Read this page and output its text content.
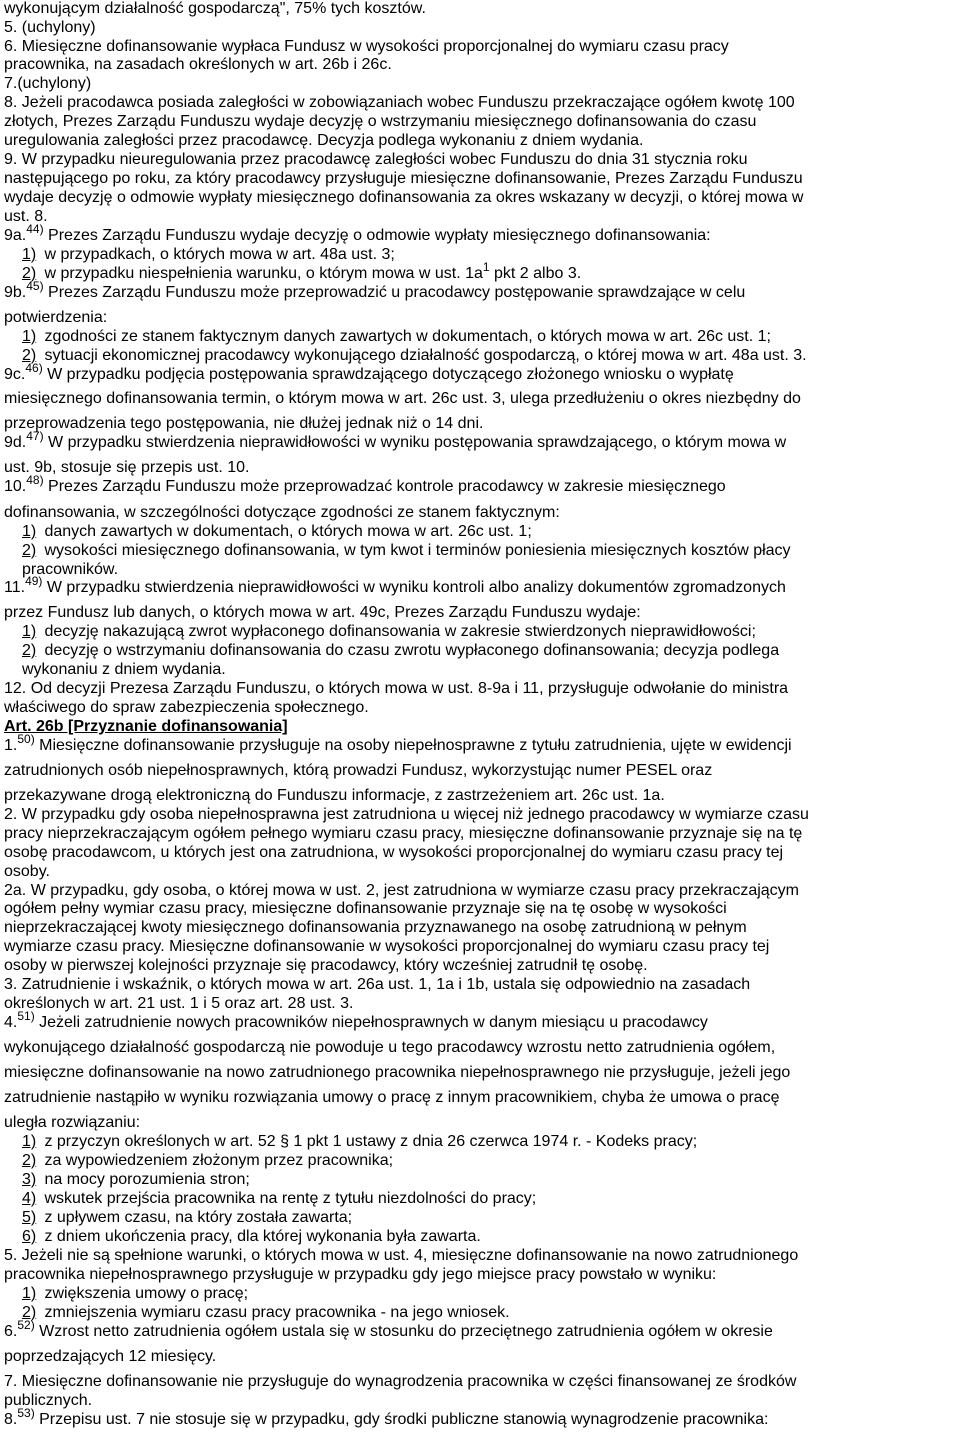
wykonującym działalność gospodarczą", 75% tych kosztów.
5. (uchylony)
6. Miesięczne dofinansowanie wypłaca Fundusz w wysokości proporcjonalnej do wymiaru czasu pracy
pracownika, na zasadach określonych w art. 26b i 26c.
7.(uchylony)
8. Jeżeli pracodawca posiada zaległości w zobowiązaniach wobec Funduszu przekraczające ogółem kwotę 100
złotych, Prezes Zarządu Funduszu wydaje decyzję o wstrzymaniu miesięcznego dofinansowania do czasu
uregulowania zaległości przez pracodawcę. Decyzja podlega wykonaniu z dniem wydania.
9. W przypadku nieuregulowania przez pracodawcę zaległości wobec Funduszu do dnia 31 stycznia roku
następującego po roku, za który pracodawcy przysługuje miesięczne dofinansowanie, Prezes Zarządu Funduszu
wydaje decyzję o odmowie wypłaty miesięcznego dofinansowania za okres wskazany w decyzji, o której mowa w
ust. 8.
9a.$^{44)}$ Prezes Zarządu Funduszu wydaje decyzję o odmowie wypłaty miesięcznego dofinansowania:
1) w przypadkach, o których mowa w art. 48a ust. 3;
2) w przypadku niespełnienia warunku, o którym mowa w ust. $1a^1$ pkt 2 albo 3.
9b.$^{45)}$ Prezes Zarządu Funduszu może przeprowadzić u pracodawcy postępowanie sprawdzające w celu
potwierdzenia:
1) zgodności ze stanem faktycznym danych zawartych w dokumentach, o których mowa w art. 26c ust. 1;
2) sytuacji ekonomicznej pracodawcy wykonującego działalność gospodarczą, o której mowa w art. 48a ust. 3.
9c.$^{46)}$ W przypadku podjęcia postępowania sprawdzającego dotyczącego złożonego wniosku o wypłatę
miesięcznego dofinansowania termin, o którym mowa w art. 26c ust. 3, ulega przedłużeniu o okres niezbędny do
przeprowadzenia tego postępowania, nie dłużej jednak niż o 14 dni.
9d.$^{47)}$ W przypadku stwierdzenia nieprawidłowości w wyniku postępowania sprawdzającego, o którym mowa w
ust. 9b, stosuje się przepis ust. 10.
10.$^{48)}$ Prezes Zarządu Funduszu może przeprowadzać kontrole pracodawcy w zakresie miesięcznego
dofinansowania, w szczególności dotyczące zgodności ze stanem faktycznym:
1) danych zawartych w dokumentach, o których mowa w art. 26c ust. 1;
2) wysokości miesięcznego dofinansowania, w tym kwot i terminów poniesienia miesięcznych kosztów płacy
pracowników.
11.$^{49)}$ W przypadku stwierdzenia nieprawidłowości w wyniku kontroli albo analizy dokumentów zgromadzonych
przez Fundusz lub danych, o których mowa w art. 49c, Prezes Zarządu Funduszu wydaje:
1) decyzję nakazującą zwrot wypłaconego dofinansowania w zakresie stwierdzonych nieprawidłowości;
2) decyzję o wstrzymaniu dofinansowania do czasu zwrotu wypłaconego dofinansowania; decyzja podlega
wykonaniu z dniem wydania.
12. Od decyzji Prezesa Zarządu Funduszu, o których mowa w ust. 8-9a i 11, przysługuje odwołanie do ministra
właściwego do spraw zabezpieczenia społecznego.
Art. 26b [Przyznanie dofinansowania]
1.$^{50)}$ Miesięczne dofinansowanie przysługuje na osoby niepełnosprawne z tytułu zatrudnienia, ujęte w ewidencji
zatrudnionych osób niepełnosprawnych, którą prowadzi Fundusz, wykorzystując numer PESEL oraz
przekazywane drogą elektroniczną do Funduszu informacje, z zastrzeżeniem art. 26c ust. 1a.
2. W przypadku gdy osoba niepełnosprawna jest zatrudniona u więcej niż jednego pracodawcy w wymiarze czasu
pracy nieprzekraczającym ogółem pełnego wymiaru czasu pracy, miesięczne dofinansowanie przyznaje się na tę
osobę pracodawcom, u których jest ona zatrudniona, w wysokości proporcjonalnej do wymiaru czasu pracy tej
osoby.
2a. W przypadku, gdy osoba, o której mowa w ust. 2, jest zatrudniona w wymiarze czasu pracy przekraczającym
ogółem pełny wymiar czasu pracy, miesięczne dofinansowanie przyznaje się na tę osobę w wysokości
nieprzekraczającej kwoty miesięcznego dofinansowania przyznawanego na osobę zatrudnioną w pełnym
wymiarze czasu pracy. Miesięczne dofinansowanie w wysokości proporcjonalnej do wymiaru czasu pracy tej
osoby w pierwszej kolejności przyznaje się pracodawcy, który wcześniej zatrudnił tę osobę.
3. Zatrudnienie i wskaźnik, o których mowa w art. 26a ust. 1, 1a i 1b, ustala się odpowiednio na zasadach
określonych w art. 21 ust. 1 i 5 oraz art. 28 ust. 3.
4.$^{51)}$ Jeżeli zatrudnienie nowych pracowników niepełnosprawnych w danym miesiącu u pracodawcy
wykonującego działalność gospodarczą nie powoduje u tego pracodawcy wzrostu netto zatrudnienia ogółem,
miesięczne dofinansowanie na nowo zatrudnionego pracownika niepełnosprawnego nie przysługuje, jeżeli jego
zatrudnienie nastąpiło w wyniku rozwiązania umowy o pracę z innym pracownikiem, chyba że umowa o pracę
uległa rozwiązaniu:
1) z przyczyn określonych w art. 52 § 1 pkt 1 ustawy z dnia 26 czerwca 1974 r. - Kodeks pracy;
2) za wypowiedzeniem złożonym przez pracownika;
3) na mocy porozumienia stron;
4) wskutek przejścia pracownika na rentę z tytułu niezdolności do pracy;
5) z upływem czasu, na który została zawarta;
6) z dniem ukończenia pracy, dla której wykonania była zawarta.
5. Jeżeli nie są spełnione warunki, o których mowa w ust. 4, miesięczne dofinansowanie na nowo zatrudnionego
pracownika niepełnosprawnego przysługuje w przypadku gdy jego miejsce pracy powstało w wyniku:
1) zwiększenia umowy o pracę;
2) zmniejszenia wymiaru czasu pracy pracownika - na jego wniosek.
6.$^{52)}$ Wzrost netto zatrudnienia ogółem ustala się w stosunku do przeciętnego zatrudnienia ogółem w okresie
poprzedzających 12 miesięcy.
7. Miesięczne dofinansowanie nie przysługuje do wynagrodzenia pracownika w części finansowanej ze środków
publicznych.
8.$^{53)}$ Przepisu ust. 7 nie stosuje się w przypadku, gdy środki publiczne stanowią wynagrodzenie pracownika:
